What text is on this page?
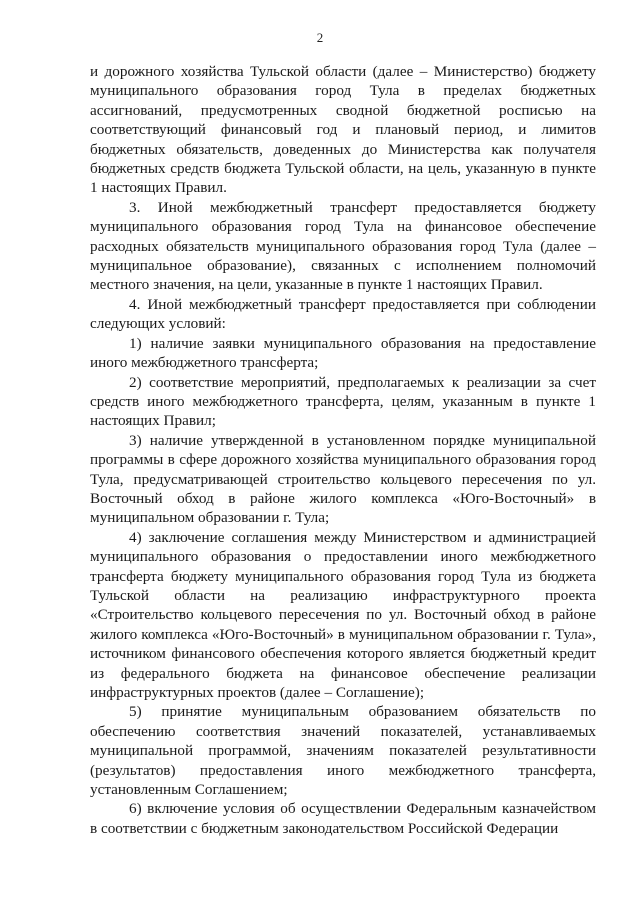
2

и дорожного хозяйства Тульской области (далее – Министерство) бюджету муниципального образования город Тула в пределах бюджетных ассигнований, предусмотренных сводной бюджетной росписью на соответствующий финансовый год и плановый период, и лимитов бюджетных обязательств, доведенных до Министерства как получателя бюджетных средств бюджета Тульской области, на цель, указанную в пункте 1 настоящих Правил.

3. Иной межбюджетный трансферт предоставляется бюджету муниципального образования город Тула на финансовое обеспечение расходных обязательств муниципального образования город Тула (далее – муниципальное образование), связанных с исполнением полномочий местного значения, на цели, указанные в пункте 1 настоящих Правил.

4. Иной межбюджетный трансферт предоставляется при соблюдении следующих условий:

1) наличие заявки муниципального образования на предоставление иного межбюджетного трансферта;

2) соответствие мероприятий, предполагаемых к реализации за счет средств иного межбюджетного трансферта, целям, указанным в пункте 1 настоящих Правил;

3) наличие утвержденной в установленном порядке муниципальной программы в сфере дорожного хозяйства муниципального образования город Тула, предусматривающей строительство кольцевого пересечения по ул. Восточный обход в районе жилого комплекса «Юго-Восточный» в муниципальном образовании г. Тула;

4) заключение соглашения между Министерством и администрацией муниципального образования о предоставлении иного межбюджетного трансферта бюджету муниципального образования город Тула из бюджета Тульской области на реализацию инфраструктурного проекта «Строительство кольцевого пересечения по ул. Восточный обход в районе жилого комплекса «Юго-Восточный» в муниципальном образовании г. Тула», источником финансового обеспечения которого является бюджетный кредит из федерального бюджета на финансовое обеспечение реализации инфраструктурных проектов (далее – Соглашение);

5) принятие муниципальным образованием обязательств по обеспечению соответствия значений показателей, устанавливаемых муниципальной программой, значениям показателей результативности (результатов) предоставления иного межбюджетного трансферта, установленным Соглашением;

6) включение условия об осуществлении Федеральным казначейством в соответствии с бюджетным законодательством Российской Федерации
